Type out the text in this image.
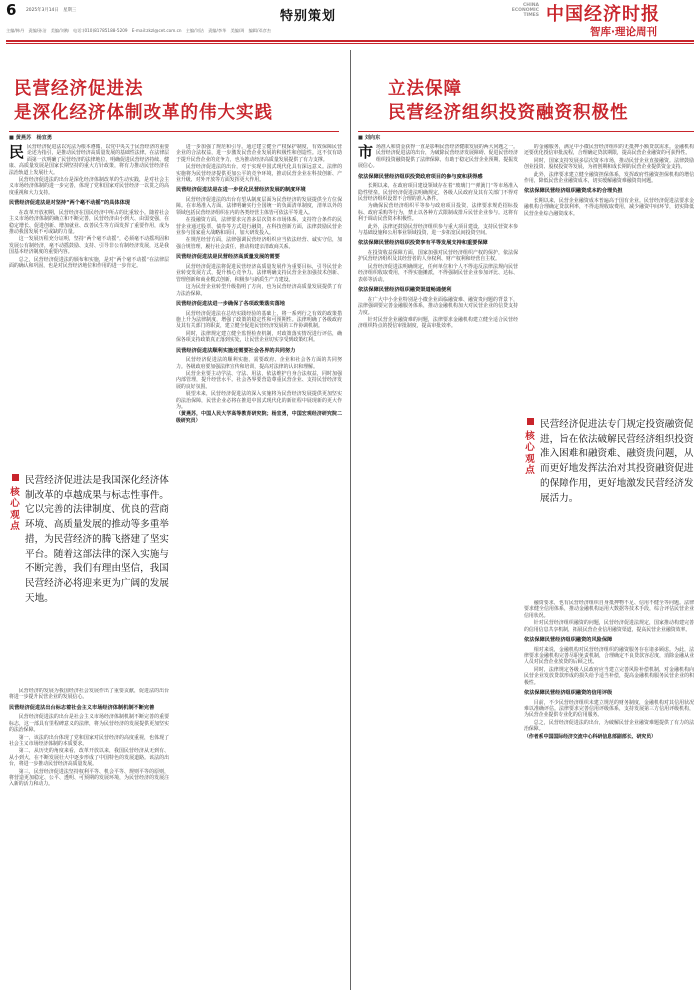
6 2025年3月14日　星期三	特别策划
CHINA ECONOMIC TIMES 中国经济时报
智库·理论周刊
主编/韩丹　责编/孙洁　美编/刘梅　电话:(010)81785188-5209　E-mail:zkzl@cet.com.cn　主编/刘洁　责编/李华　美编/周　编辑/邓彦杰
民营经济促进法
是深化经济体制改革的伟大实践
■ 黄燕苏　杨宜勇

民民营经济促进法以宪法为根本遵循，以党中央关于民营经济的重要论述为指引，是推动民营经济高质量发展的基础性法律。在法律层面第一次明确了民营经济的法律地位，明确促进民营经济持续、健康、高质量发展是国家长期坚持的重大方针政策，将有力推动民营经济在法治轨道上发展壮大。

民营经济促进法的出台是深化经济体制改革的生动实践，是对社会主义市场经济体制的进一步完善，体现了党和国家对民营经济一以贯之的高度重视和大力支持。

民营经济促进法是对坚持“两个毫不动摇”的具体体现

在改革开放初期，民营经济在国民经济中所占的比重较小。随着社会主义市场经济体制的确立和不断完善，民营经济由小到大、由弱变强，在稳定增长、促进创新、增加就业、改善民生等方面发挥了重要作用，成为推动我国发展不可或缺的力量。

这一发展历程充分证明，坚持“两个毫不动摇”，必须毫不动摇巩固和发展公有制经济，毫不动摇鼓励、支持、引导非公有制经济发展，这是我国基本经济制度的重要内容。

总之，民营经济促进法的颁布和实施，是对“两个毫不动摇”在法律层面的确认和巩固，也是对民营经济地位和作用的进一步肯定。

核
心
观
点
民营经济促进法是我国深化经济体制改革的卓越成果与标志性事件。它以完善的法律制度、优良的营商环境、高质量发展的推动等多重举措，为民营经济的腾飞搭建了坚实平台。随着这部法律的深入实施与不断完善，我们有理由坚信，我国民营经济必将迎来更为广阔的发展天地。

民营经济的发展为我国经济社会发展作出了重要贡献，促进法的出台将进一步提升民营企业的发展信心。

民营经济促进法出台标志着社会主义市场经济体制机制不断完善

民营经济促进法的出台是社会主义市场经济体制机制不断完善的重要标志，这一部具有里程碑意义的法律，将为民营经济的发展提供更加坚实的法治保障。

第一，该法的出台体现了党和国家对民营经济的高度重视，也体现了社会主义市场经济体制的本质要求。

第二，从历史的角度来看，改革开放以来，我国民营经济从无到有、从小到大，在不断发展壮大中逐步形成了中国特色的发展道路。该法的出台，将进一步推动民营经济高质量发展。

第三，民营经济促进法坚持权利平等、机会平等、规则平等的原则，将营造更加稳定、公平、透明、可预期的发展环境，为民营经济的发展注入新的活力和动力。

进一步加强了规范和引导。通过建立健全产权保护制度，有效保障民营企业的合法权益，进一步激发民营企业发展的积极性和创造性。这不仅有助于提升民营企业的竞争力，也为推动经济高质量发展提供了有力支撑。

民营经济促进法的出台，对于实现中国式现代化具有深远意义。法律的实施将为民营经济提供更加公平的竞争环境，推动民营企业在科技创新、产业升级、对外开放等方面发挥更大作用。

民营经济促进法是在进一步优化民营经济发展的制度环境

民营经济促进法的出台有望从制度层面为民营经济的发展提供全方位保障。在市场准入方面，法律明确实行全国统一的负面清单制度，清单以外的领域包括民营经济组织在内的各类经营主体皆可依法平等进入。

在投融资方面，法律要求完善多层次资本市场体系，支持符合条件的民营企业通过股票、债券等方式进行融资。在科技创新方面，法律鼓励民营企业参与国家重大战略和项目，加大研发投入。

在规范经营方面，法律强调民营经济组织应当依法经营、诚实守信，加强合规管理，履行社会责任，推动构建亲清政商关系。

民营经济促进法是民营经济高质量发展的需要

民营经济促进法将促进民营经济高质量发展作为重要目标，引导民营企业转变发展方式，提升核心竞争力。法律明确支持民营企业加强技术创新、管理创新和商业模式创新，积极参与新质生产力建设。

这为民营企业转型升级指明了方向，也为民营经济高质量发展提供了有力法治保障。

民营经济促进法进一步确保了各项政策落实落地

民营经济促进法在总结实践经验的基础上，将一系列行之有效的政策措施上升为法律制度，增强了政策的稳定性和可预期性。法律明确了各级政府及其有关部门的职责，建立健全促进民营经济发展的工作协调机制。

同时，法律规定建立健全监督检查机制，对政策落实情况进行评估，确保各项支持政策真正落到实处，让民营企业切实享受到政策红利。

民营经济促进法顺利实施还需要社会各界的共同努力

民营经济促进法的顺利实施，需要政府、企业和社会各方面的共同努力。各级政府要加强法律宣传和培训，提高对法律的认识和理解。

民营企业要主动学法、守法、用法，依法维护自身合法权益，同时加强内部管理，提升经营水平。社会各界要营造尊重民营企业、支持民营经济发展的良好氛围。

展望未来，民营经济促进法的深入实施将为民营经济发展提供更加坚实的法治保障，民营企业必将在推进中国式现代化的新征程中展现新的更大作为。

（黄燕苏，中国人民大学高等教育研究院；杨宜勇，中国宏观经济研究院二级研究员）

立法保障
民营经济组织投资融资积极性
■ 刘向东

市场准入和资金获得一直是影响民营经济健康发展的两大问题之一。民营经济促进法的出台，为破除民营经济发展障碍、促进民营经济组织投资融资提供了法律保障，有助于稳定民营企业预期，提振发展信心。

依法保障民营经济组织投资政府项目的参与度和获得感

长期以来，在政府项目建设领域存在着“玻璃门”“弹簧门”等市场准入隐性壁垒。民营经济促进法明确规定，各级人民政府及其有关部门不得对民营经济组织设置不合理的准入条件。

为确保民营经济组织平等参与政府项目投资，法律要求规范招标投标、政府采购等行为，禁止以各种方式限制或排斥民营企业参与。这将有利于调动民营资本积极性。

此外，法律还鼓励民营经济组织参与重大项目建设，支持民营资本参与基础设施和公用事业领域投资，进一步拓宽民间投资空间。

依法保障民营经济组织投资享有平等发展支持和重要保障

在投资收益保障方面，国家加强对民营经济组织产权的保护，依法保护民营经济组织及其经营者的人身权利、财产权利和经营自主权。

民营经济促进法明确规定，任何单位和个人不得违反法律法规向民营经济组织收取费用，不得实施摊派，不得强制民营企业参加评比、达标、表彰等活动。

依法保障民营经济组织融资渠道畅通便利

在广大中小企业特别是小微企业面临融资难、融资贵问题的背景下，法律强调要完善金融服务体系，推动金融机构加大对民营企业的信贷支持力度。

针对民营企业融资难的问题，法律要求金融机构建立健全适合民营经济组织特点的授信审批制度，提高审批效率。

的金融服务，满足中小微民营经济组织的无抵押小额贷款需求。金融机构还要优化授信审批流程，合理确定贷款期限，提高民营企业融资的可获得性。

同时，国家支持发展多层次资本市场，推动民营企业直接融资。法律鼓励创业投资、股权投资等发展，为初创期和成长期的民营企业提供资金支持。

此外，法律要求建立健全融资担保体系，发挥政府性融资担保机构的增信作用，降低民营企业融资成本，切实缓解融资难融资贵问题。

依法保障民营经济组织融资成本的合理负担

长期以来，民营企业融资成本普遍高于国有企业。民营经济促进法要求金融机构合理确定贷款利率，不得违规收取费用，减少融资中间环节，切实降低民营企业综合融资成本。

核
心
观
点
民营经济促进法专门规定投资融资促进，旨在依法破解民营经济组织投资准入困难和融资难、融资贵问题，从而更好地发挥法治对其投资融资促进的保障作用，更好地激发民营经济发展活力。

融资要求，也有民营经济组织自身抵押物不足、信用不健全等问题。法律要求健全信用体系，推动金融机构运用大数据等技术手段，综合评估民营企业信用状况。

针对民营经济组织融资的问题，民营经济促进法规定，国家推动构建完善的信用信息共享机制，拓展民营企业信用融资渠道，提高民营企业融资效率。

依法保障民营经济组织融资的风险保障

相对来说，金融机构对民营经济组织的融资服务存在诸多顾虑。为此，法律要求金融机构完善尽职免责机制，合理确定不良贷款容忍度，消除金融从业人员对民营企业放贷的后顾之忧。

同时，法律规定各级人民政府应当建立完善风险补偿机制，对金融机构向民营企业发放贷款形成的损失给予适当补偿，提高金融机构服务民营企业的积极性。

依法保障民营经济组织融资的信用评级

目前，不少民营经济组织未建立规范的财务制度，金融机构对其信用状况难以准确评估。法律要求完善信用评级体系，支持发展第三方信用评级机构，为民营企业提供专业化的信用服务。

总之，民营经济促进法的出台，为破解民营企业融资难题提供了有力的法治保障。

（作者系中国国际经济交流中心科研信息部副部长、研究员）
